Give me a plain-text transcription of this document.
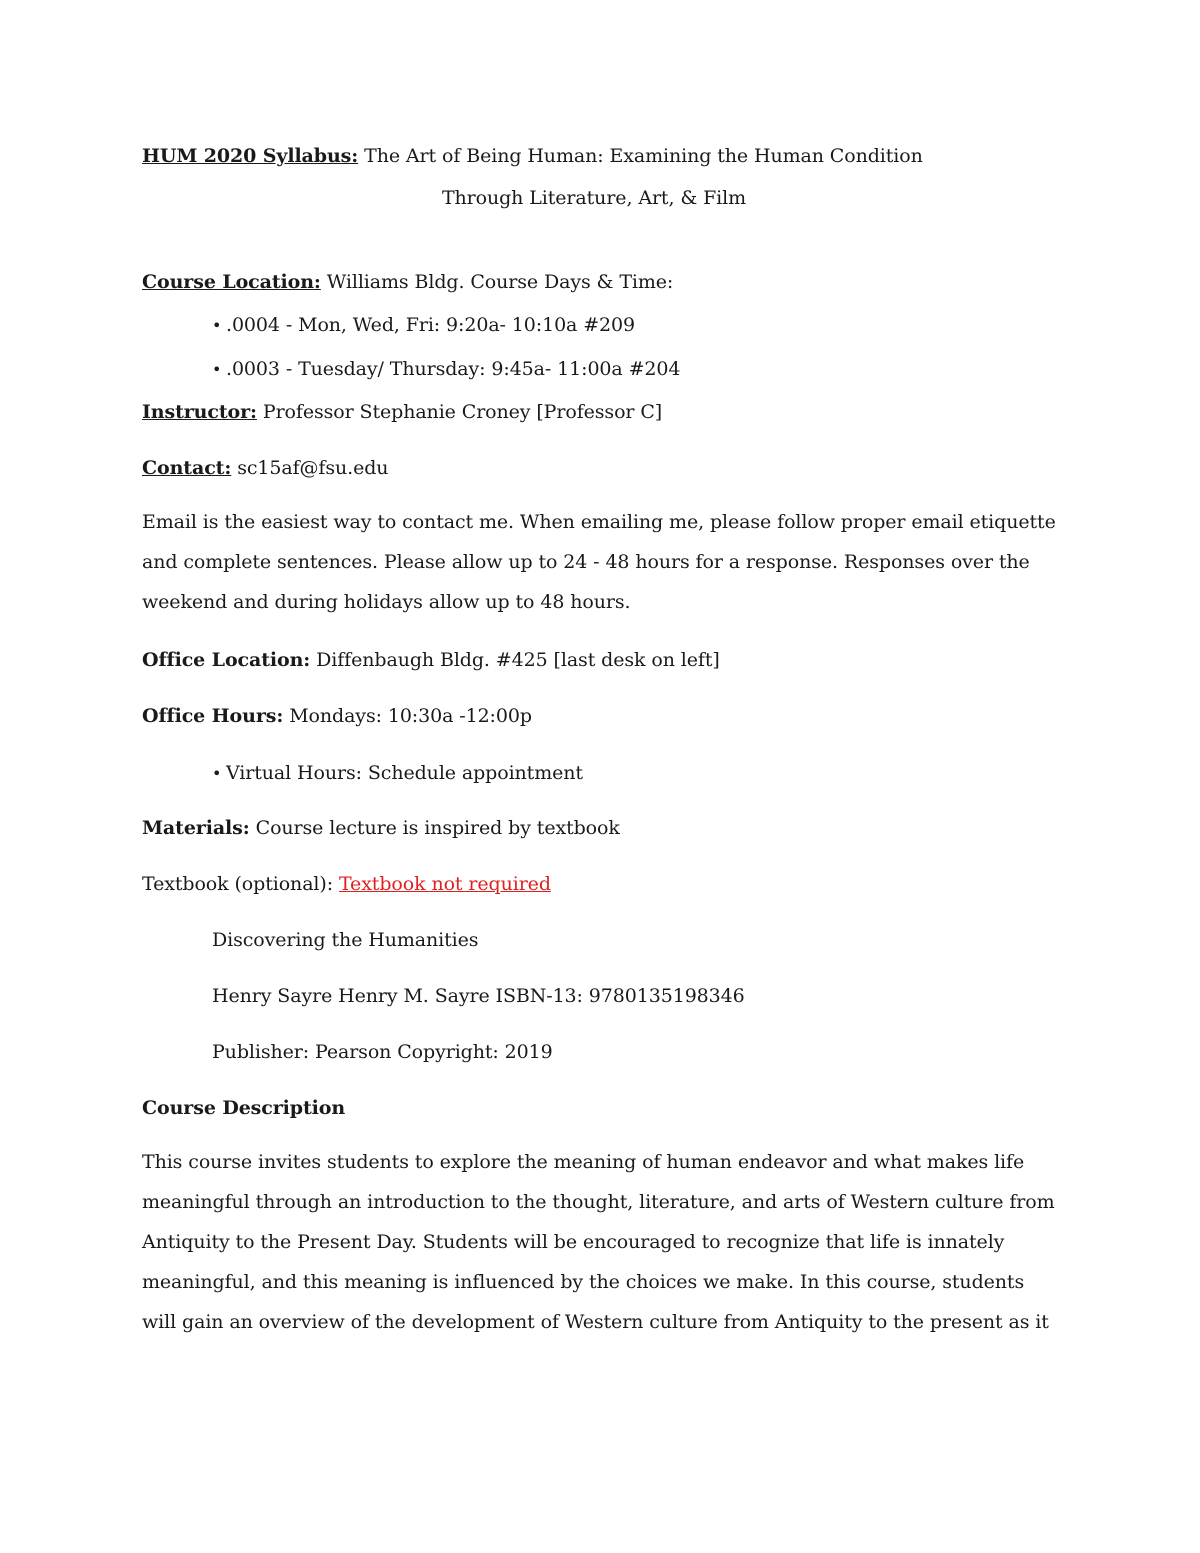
HUM 2020 Syllabus: The Art of Being Human: Examining the Human Condition
Through Literature, Art, & Film
Course Location: Williams Bldg. Course Days & Time:
• .0004 - Mon, Wed, Fri: 9:20a- 10:10a #209
• .0003 - Tuesday/ Thursday: 9:45a- 11:00a #204
Instructor: Professor Stephanie Croney [Professor C]
Contact: sc15af@fsu.edu
Email is the easiest way to contact me. When emailing me, please follow proper email etiquette
and complete sentences. Please allow up to 24 - 48 hours for a response. Responses over the
weekend and during holidays allow up to 48 hours.
Office Location: Diffenbaugh Bldg. #425 [last desk on left]
Office Hours: Mondays: 10:30a -12:00p
• Virtual Hours: Schedule appointment
Materials: Course lecture is inspired by textbook
Textbook (optional): Textbook not required
Discovering the Humanities
Henry Sayre Henry M. Sayre ISBN-13: 9780135198346
Publisher: Pearson Copyright: 2019
Course Description
This course invites students to explore the meaning of human endeavor and what makes life
meaningful through an introduction to the thought, literature, and arts of Western culture from
Antiquity to the Present Day. Students will be encouraged to recognize that life is innately
meaningful, and this meaning is influenced by the choices we make. In this course, students
will gain an overview of the development of Western culture from Antiquity to the present as it
